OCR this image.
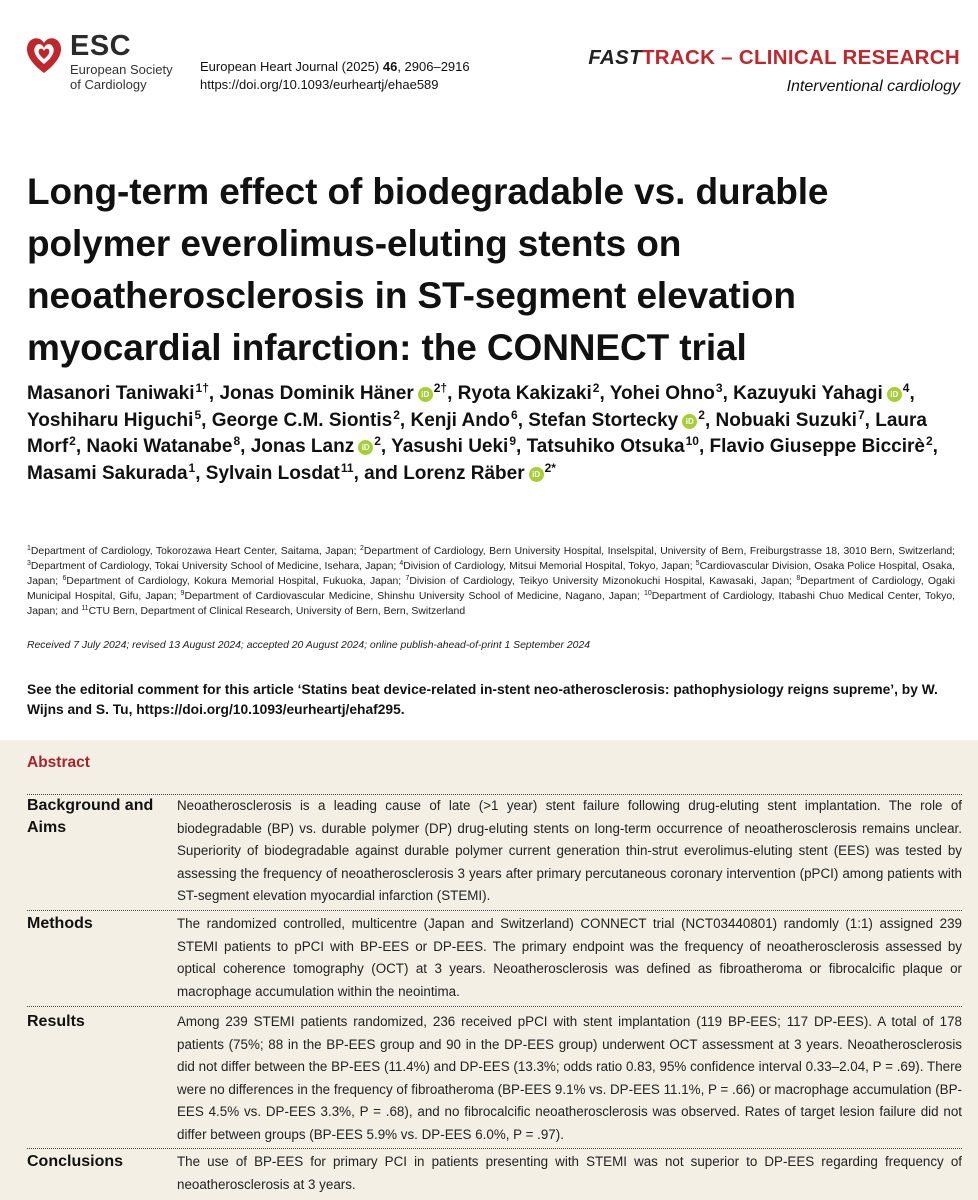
ESC
European Society
of Cardiology
European Heart Journal (2025) 46, 2906–2916
https://doi.org/10.1093/eurheartj/ehae589
FASTTRACK – CLINICAL RESEARCH
Interventional cardiology
Long-term effect of biodegradable vs. durable polymer everolimus-eluting stents on neoatherosclerosis in ST-segment elevation myocardial infarction: the CONNECT trial
Masanori Taniwaki$^{1\dagger}$, Jonas Dominik Häner iD $^{2\dagger}$, Ryota Kakizaki$^2$, Yohei Ohno$^3$, Kazuyuki Yahagi iD $^4$, Yoshiharu Higuchi$^5$, George C.M. Siontis$^2$, Kenji Ando$^6$, Stefan Stortecky iD $^2$, Nobuaki Suzuki$^7$, Laura Morf$^2$, Naoki Watanabe$^8$, Jonas Lanz iD $^2$, Yasushi Ueki$^9$, Tatsuhiko Otsuka$^{10}$, Flavio Giuseppe Biccirè$^2$, Masami Sakurada$^1$, Sylvain Losdat$^{11}$, and Lorenz Räber iD $^{2*}$
$^1$Department of Cardiology, Tokorozawa Heart Center, Saitama, Japan; $^2$Department of Cardiology, Bern University Hospital, Inselspital, University of Bern, Freiburgstrasse 18, 3010 Bern, Switzerland; $^3$Department of Cardiology, Tokai University School of Medicine, Isehara, Japan; $^4$Division of Cardiology, Mitsui Memorial Hospital, Tokyo, Japan; $^5$Cardiovascular Division, Osaka Police Hospital, Osaka, Japan; $^6$Department of Cardiology, Kokura Memorial Hospital, Fukuoka, Japan; $^7$Division of Cardiology, Teikyo University Mizonokuchi Hospital, Kawasaki, Japan; $^8$Department of Cardiology, Ogaki Municipal Hospital, Gifu, Japan; $^9$Department of Cardiovascular Medicine, Shinshu University School of Medicine, Nagano, Japan; $^{10}$Department of Cardiology, Itabashi Chuo Medical Center, Tokyo, Japan; and $^{11}$CTU Bern, Department of Clinical Research, University of Bern, Bern, Switzerland
Received 7 July 2024; revised 13 August 2024; accepted 20 August 2024; online publish-ahead-of-print 1 September 2024
See the editorial comment for this article ‘Statins beat device-related in-stent neo-atherosclerosis: pathophysiology reigns supreme’, by W. Wijns and S. Tu, https://doi.org/10.1093/eurheartj/ehaf295.
Abstract
Background and Aims
Neoatherosclerosis is a leading cause of late (>1 year) stent failure following drug-eluting stent implantation. The role of biodegradable (BP) vs. durable polymer (DP) drug-eluting stents on long-term occurrence of neoatherosclerosis remains unclear. Superiority of biodegradable against durable polymer current generation thin-strut everolimus-eluting stent (EES) was tested by assessing the frequency of neoatherosclerosis 3 years after primary percutaneous coronary intervention (pPCI) among patients with ST-segment elevation myocardial infarction (STEMI).
Methods	The randomized controlled, multicentre (Japan and Switzerland) CONNECT trial (NCT03440801) randomly (1:1) assigned 239 STEMI patients to pPCI with BP-EES or DP-EES. The primary endpoint was the frequency of neoatherosclerosis assessed by optical coherence tomography (OCT) at 3 years. Neoatherosclerosis was defined as fibroatheroma or fibrocalcific plaque or macrophage accumulation within the neointima.
Results	Among 239 STEMI patients randomized, 236 received pPCI with stent implantation (119 BP-EES; 117 DP-EES). A total of 178 patients (75%; 88 in the BP-EES group and 90 in the DP-EES group) underwent OCT assessment at 3 years. Neoatherosclerosis did not differ between the BP-EES (11.4%) and DP-EES (13.3%; odds ratio 0.83, 95% confidence interval 0.33–2.04, P = .69). There were no differences in the frequency of fibroatheroma (BP-EES 9.1% vs. DP-EES 11.1%, P = .66) or macrophage accumulation (BP-EES 4.5% vs. DP-EES 3.3%, P = .68), and no fibrocalcific neoatherosclerosis was observed. Rates of target lesion failure did not differ between groups (BP-EES 5.9% vs. DP-EES 6.0%, P = .97).
Conclusions	The use of BP-EES for primary PCI in patients presenting with STEMI was not superior to DP-EES regarding frequency of neoatherosclerosis at 3 years.
